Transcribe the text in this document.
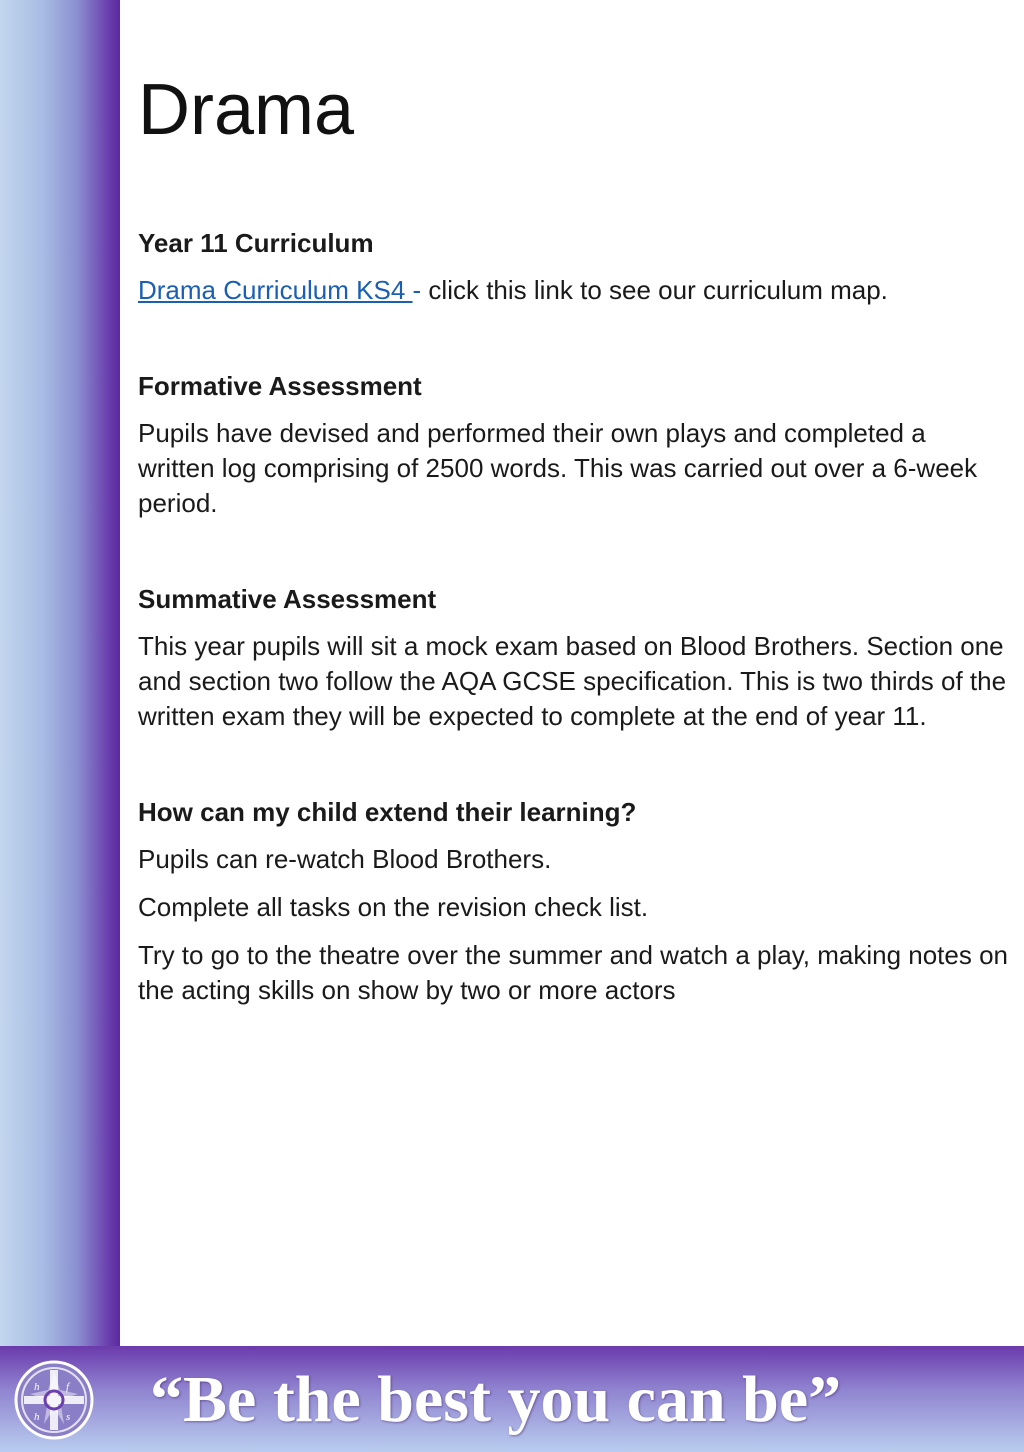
Drama
Year 11 Curriculum
Drama Curriculum KS4 - click this link to see our curriculum map.
Formative Assessment
Pupils have devised and performed their own plays and completed a written log comprising of 2500 words. This was carried out over a 6-week period.
Summative Assessment
This year pupils will sit a mock exam based on Blood Brothers. Section one and section two follow the AQA GCSE specification. This is two thirds of the written exam they will be expected to complete at the end of year 11.
How can my child extend their learning?
Pupils can re-watch Blood Brothers.
Complete all tasks on the revision check list.
Try to go to the theatre over the summer and watch a play, making notes on the acting skills on show by two or more actors
h f
h s “Be the best you can be”
